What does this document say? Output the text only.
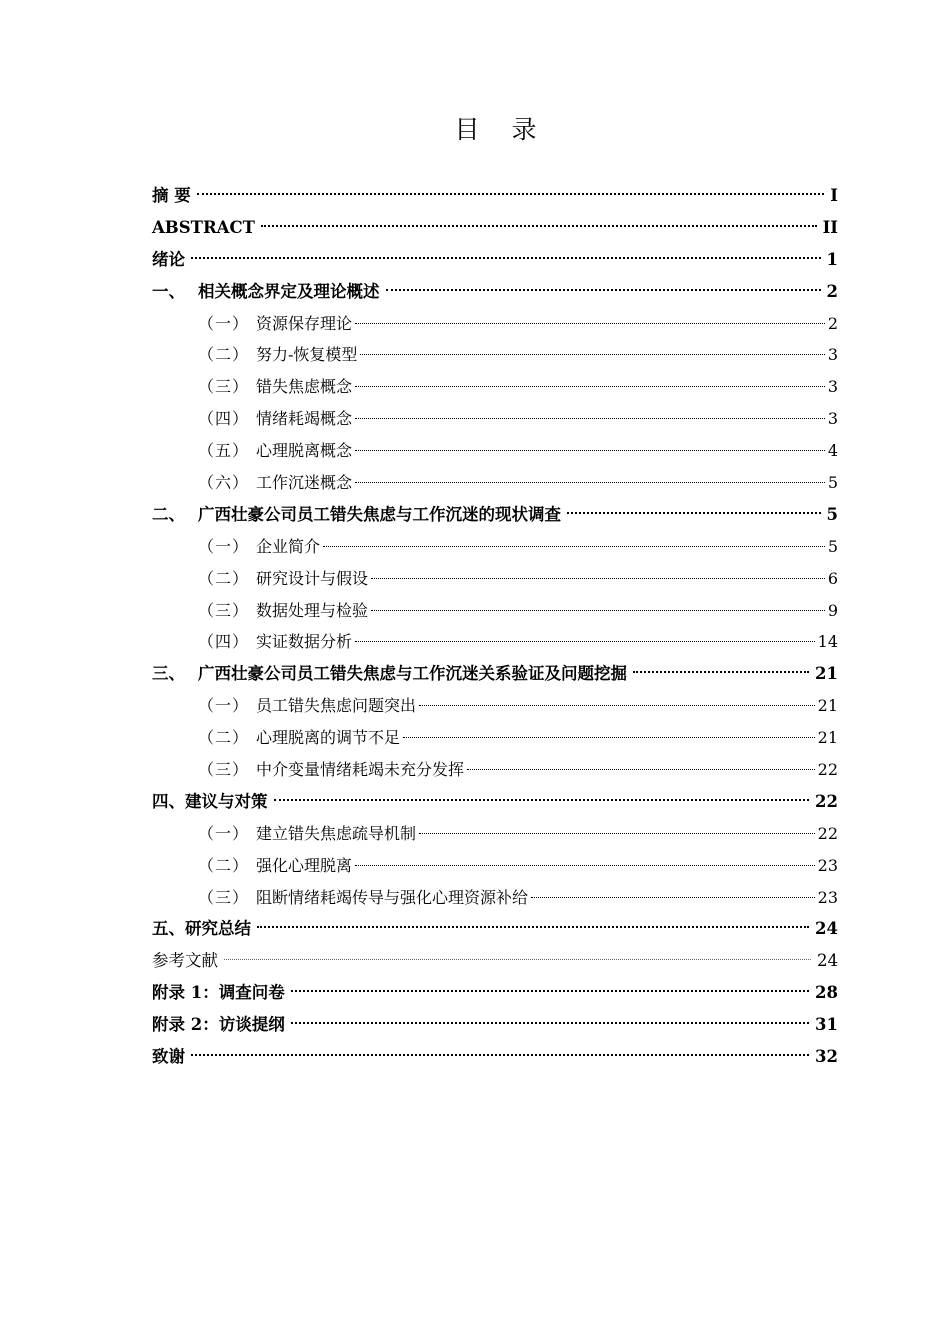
目 录
摘 要	I
ABSTRACT	II
绪论	1
一、 相关概念界定及理论概述	2
（一） 资源保存理论	2
（二） 努力-恢复模型	3
（三） 错失焦虑概念	3
（四） 情绪耗竭概念	3
（五） 心理脱离概念	4
（六） 工作沉迷概念	5
二、 广西壮豪公司员工错失焦虑与工作沉迷的现状调查	5
（一） 企业简介	5
（二） 研究设计与假设	6
（三） 数据处理与检验	9
（四） 实证数据分析	14
三、 广西壮豪公司员工错失焦虑与工作沉迷关系验证及问题挖掘	21
（一） 员工错失焦虑问题突出	21
（二） 心理脱离的调节不足	21
（三） 中介变量情绪耗竭未充分发挥	22
四、建议与对策	22
（一） 建立错失焦虑疏导机制	22
（二） 强化心理脱离	23
（三） 阻断情绪耗竭传导与强化心理资源补给	23
五、研究总结	24
参考文献	24
附录 1：调查问卷	28
附录 2：访谈提纲	31
致谢	32
